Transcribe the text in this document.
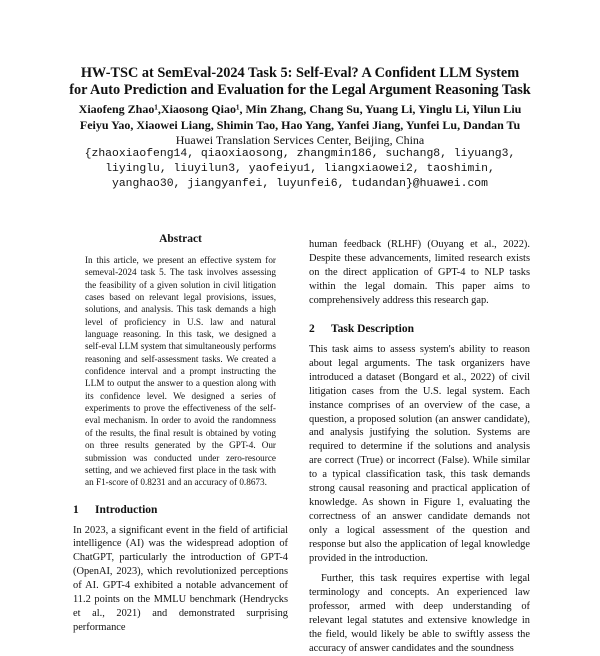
HW-TSC at SemEval-2024 Task 5: Self-Eval? A Confident LLM System
for Auto Prediction and Evaluation for the Legal Argument Reasoning Task
Xiaofeng Zhao¹,Xiaosong Qiao¹, Min Zhang, Chang Su, Yuang Li, Yinglu Li, Yilun Liu
Feiyu Yao, Xiaowei Liang, Shimin Tao, Hao Yang, Yanfei Jiang, Yunfei Lu, Dandan Tu
Huawei Translation Services Center, Beijing, China
{zhaoxiaofeng14, qiaoxiaosong, zhangmin186, suchang8, liyuang3,
liyinglu, liuyilun3, yaofeiyu1, liangxiaowei2, taoshimin,
yanghao30, jiangyanfei, luyunfei6, tudandan}@huawei.com
Abstract

In this article, we present an effective system for semeval-2024 task 5. The task involves assessing the feasibility of a given solution in civil litigation cases based on relevant legal provisions, issues, solutions, and analysis. This task demands a high level of proficiency in U.S. law and natural language reasoning. In this task, we designed a self-eval LLM system that simultaneously performs reasoning and self-assessment tasks. We created a confidence interval and a prompt instructing the LLM to output the answer to a question along with its confidence level. We designed a series of experiments to prove the effectiveness of the self-eval mechanism. In order to avoid the randomness of the results, the final result is obtained by voting on three results generated by the GPT-4. Our submission was conducted under zero-resource setting, and we achieved first place in the task with an F1-score of 0.8231 and an accuracy of 0.8673.

1 Introduction

In 2023, a significant event in the field of artificial intelligence (AI) was the widespread adoption of ChatGPT, particularly the introduction of GPT-4 (OpenAI, 2023), which revolutionized perceptions of AI. GPT-4 exhibited a notable advancement of 11.2 points on the MMLU benchmark (Hendrycks et al., 2021) and demonstrated surprising performance

human feedback (RLHF) (Ouyang et al., 2022). Despite these advancements, limited research exists on the direct application of GPT-4 to NLP tasks within the legal domain. This paper aims to comprehensively address this research gap.

2 Task Description

This task aims to assess system's ability to reason about legal arguments. The task organizers have introduced a dataset (Bongard et al., 2022) of civil litigation cases from the U.S. legal system. Each instance comprises of an overview of the case, a question, a proposed solution (an answer candidate), and analysis justifying the solution. Systems are required to determine if the solutions and analysis are correct (True) or incorrect (False). While similar to a typical classification task, this task demands strong causal reasoning and practical application of knowledge. As shown in Figure 1, evaluating the correctness of an answer candidate demands not only a logical assessment of the question and response but also the application of legal knowledge provided in the introduction.

Further, this task requires expertise with legal terminology and concepts. An experienced law professor, armed with deep understanding of relevant legal statutes and extensive knowledge in the field, would likely be able to swiftly assess the accuracy of answer candidates and the soundness
